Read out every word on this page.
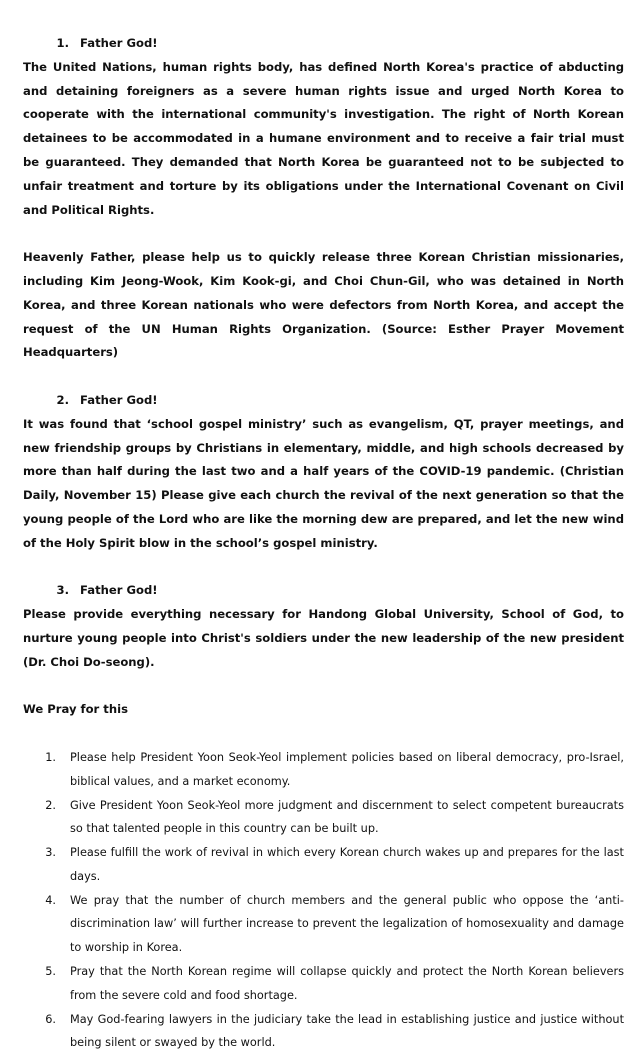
1. Father God!

The United Nations, human rights body, has defined North Korea's practice of abducting and detaining foreigners as a severe human rights issue and urged North Korea to cooperate with the international community's investigation. The right of North Korean detainees to be accommodated in a humane environment and to receive a fair trial must be guaranteed. They demanded that North Korea be guaranteed not to be subjected to unfair treatment and torture by its obligations under the International Covenant on Civil and Political Rights.

Heavenly Father, please help us to quickly release three Korean Christian missionaries, including Kim Jeong-Wook, Kim Kook-gi, and Choi Chun-Gil, who was detained in North Korea, and three Korean nationals who were defectors from North Korea, and accept the request of the UN Human Rights Organization. (Source: Esther Prayer Movement Headquarters)

2. Father God!

It was found that ‘school gospel ministry’ such as evangelism, QT, prayer meetings, and new friendship groups by Christians in elementary, middle, and high schools decreased by more than half during the last two and a half years of the COVID-19 pandemic. (Christian Daily, November 15) Please give each church the revival of the next generation so that the young people of the Lord who are like the morning dew are prepared, and let the new wind of the Holy Spirit blow in the school’s gospel ministry.

3. Father God!

Please provide everything necessary for Handong Global University, School of God, to nurture young people into Christ's soldiers under the new leadership of the new president (Dr. Choi Do-seong).

We Pray for this

1.	Please help President Yoon Seok-Yeol implement policies based on liberal democracy, pro-Israel, biblical values, and a market economy.
2.	Give President Yoon Seok-Yeol more judgment and discernment to select competent bureaucrats so that talented people in this country can be built up.
3.	Please fulfill the work of revival in which every Korean church wakes up and prepares for the last days.
4.	We pray that the number of church members and the general public who oppose the ‘anti-discrimination law’ will further increase to prevent the legalization of homosexuality and damage to worship in Korea.
5.	Pray that the North Korean regime will collapse quickly and protect the North Korean believers from the severe cold and food shortage.
6.	May God-fearing lawyers in the judiciary take the lead in establishing justice and justice without being silent or swayed by the world.
